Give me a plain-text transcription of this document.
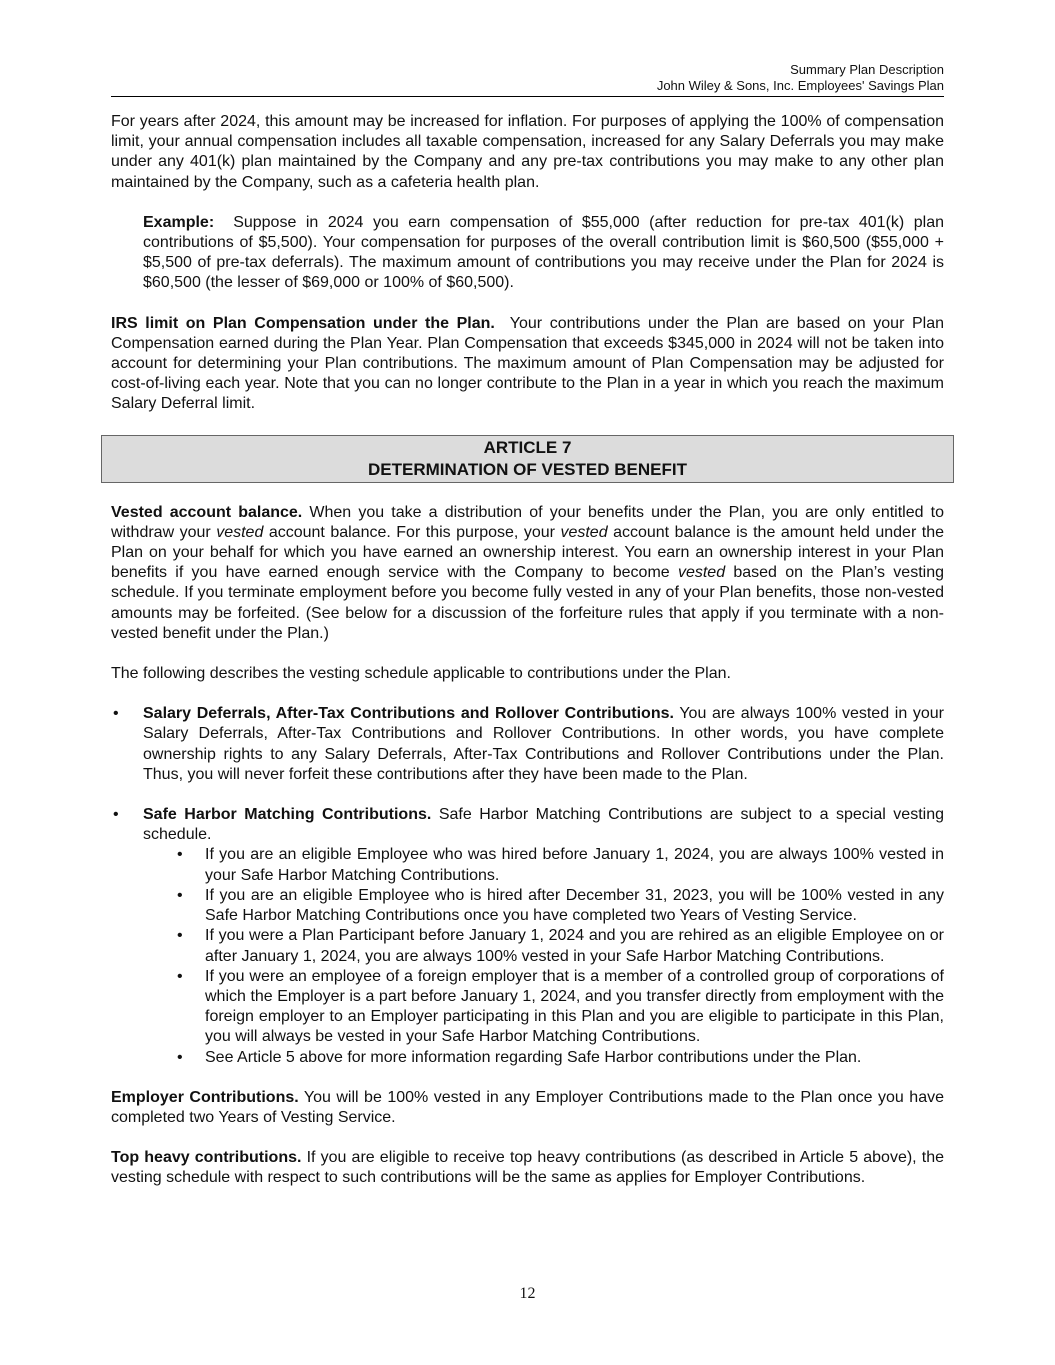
Summary Plan Description
John Wiley & Sons, Inc. Employees' Savings Plan

For years after 2024, this amount may be increased for inflation. For purposes of applying the 100% of compensation limit, your annual compensation includes all taxable compensation, increased for any Salary Deferrals you may make under any 401(k) plan maintained by the Company and any pre-tax contributions you may make to any other plan maintained by the Company, such as a cafeteria health plan.

Example: Suppose in 2024 you earn compensation of $55,000 (after reduction for pre-tax 401(k) plan contributions of $5,500). Your compensation for purposes of the overall contribution limit is $60,500 ($55,000 + $5,500 of pre-tax deferrals). The maximum amount of contributions you may receive under the Plan for 2024 is $60,500 (the lesser of $69,000 or 100% of $60,500).

IRS limit on Plan Compensation under the Plan. Your contributions under the Plan are based on your Plan Compensation earned during the Plan Year. Plan Compensation that exceeds $345,000 in 2024 will not be taken into account for determining your Plan contributions. The maximum amount of Plan Compensation may be adjusted for cost-of-living each year. Note that you can no longer contribute to the Plan in a year in which you reach the maximum Salary Deferral limit.

ARTICLE 7
DETERMINATION OF VESTED BENEFIT

Vested account balance. When you take a distribution of your benefits under the Plan, you are only entitled to withdraw your vested account balance. For this purpose, your vested account balance is the amount held under the Plan on your behalf for which you have earned an ownership interest. You earn an ownership interest in your Plan benefits if you have earned enough service with the Company to become vested based on the Plan’s vesting schedule. If you terminate employment before you become fully vested in any of your Plan benefits, those non-vested amounts may be forfeited. (See below for a discussion of the forfeiture rules that apply if you terminate with a non-vested benefit under the Plan.)

The following describes the vesting schedule applicable to contributions under the Plan.

• Salary Deferrals, After-Tax Contributions and Rollover Contributions. You are always 100% vested in your Salary Deferrals, After-Tax Contributions and Rollover Contributions. In other words, you have complete ownership rights to any Salary Deferrals, After-Tax Contributions and Rollover Contributions under the Plan. Thus, you will never forfeit these contributions after they have been made to the Plan.
• Safe Harbor Matching Contributions. Safe Harbor Matching Contributions are subject to a special vesting schedule.
• If you are an eligible Employee who was hired before January 1, 2024, you are always 100% vested in your Safe Harbor Matching Contributions.
• If you are an eligible Employee who is hired after December 31, 2023, you will be 100% vested in any Safe Harbor Matching Contributions once you have completed two Years of Vesting Service.
• If you were a Plan Participant before January 1, 2024 and you are rehired as an eligible Employee on or after January 1, 2024, you are always 100% vested in your Safe Harbor Matching Contributions.
• If you were an employee of a foreign employer that is a member of a controlled group of corporations of which the Employer is a part before January 1, 2024, and you transfer directly from employment with the foreign employer to an Employer participating in this Plan and you are eligible to participate in this Plan, you will always be vested in your Safe Harbor Matching Contributions.
• See Article 5 above for more information regarding Safe Harbor contributions under the Plan.

Employer Contributions. You will be 100% vested in any Employer Contributions made to the Plan once you have completed two Years of Vesting Service.

Top heavy contributions. If you are eligible to receive top heavy contributions (as described in Article 5 above), the vesting schedule with respect to such contributions will be the same as applies for Employer Contributions.

12
